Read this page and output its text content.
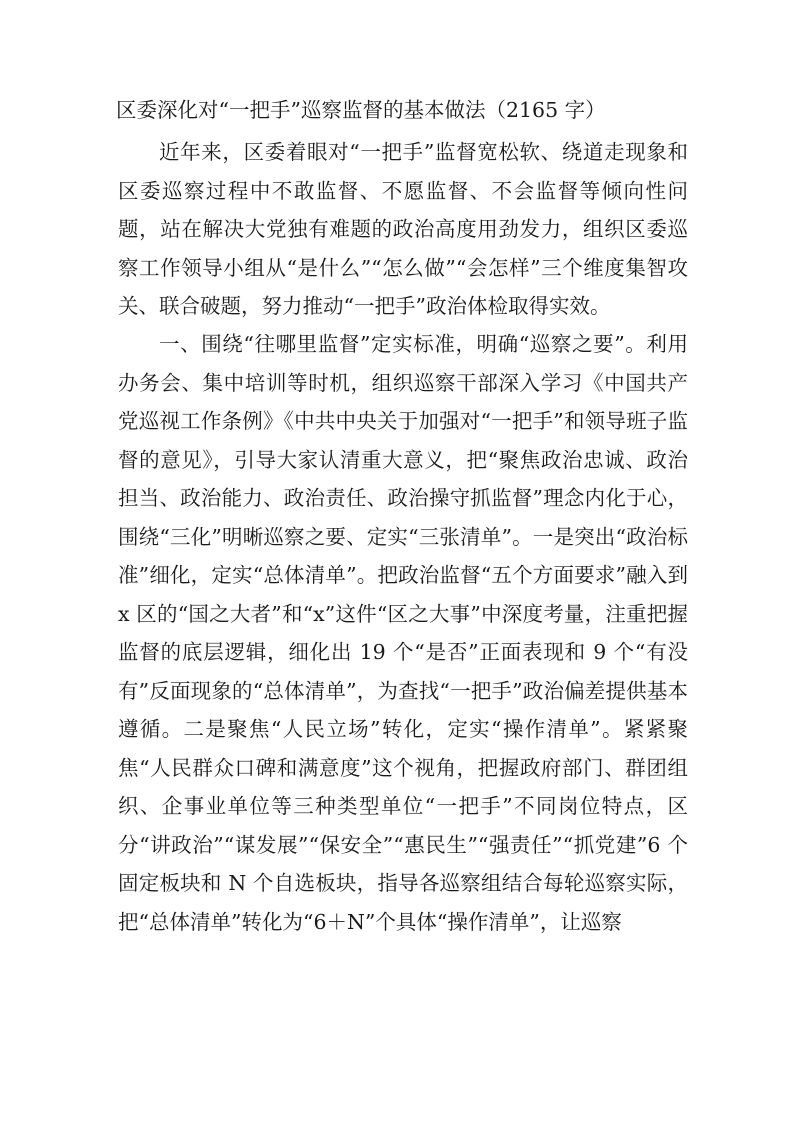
区委深化对“一把手”巡察监督的基本做法（2165 字）

近年来，区委着眼对“一把手”监督宽松软、绕道走现象和区委巡察过程中不敢监督、不愿监督、不会监督等倾向性问题，站在解决大党独有难题的政治高度用劲发力，组织区委巡察工作领导小组从“是什么”“怎么做”“会怎样”三个维度集智攻关、联合破题，努力推动“一把手”政治体检取得实效。

一、围绕“往哪里监督”定实标准，明确“巡察之要”。利用办务会、集中培训等时机，组织巡察干部深入学习《中国共产党巡视工作条例》《中共中央关于加强对“一把手”和领导班子监督的意见》，引导大家认清重大意义，把“聚焦政治忠诚、政治担当、政治能力、政治责任、政治操守抓监督”理念内化于心，围绕“三化”明晰巡察之要、定实“三张清单”。一是突出“政治标准”细化，定实“总体清单”。把政治监督“五个方面要求”融入到 x 区的“国之大者”和“x”这件“区之大事”中深度考量，注重把握监督的底层逻辑，细化出 19 个“是否”正面表现和 9 个“有没有”反面现象的“总体清单”，为查找“一把手”政治偏差提供基本遵循。二是聚焦“人民立场”转化，定实“操作清单”。紧紧聚焦“人民群众口碑和满意度”这个视角，把握政府部门、群团组织、企事业单位等三种类型单位“一把手”不同岗位特点，区分“讲政治”“谋发展”“保安全”“惠民生”“强责任”“抓党建”6 个固定板块和 N 个自选板块，指导各巡察组结合每轮巡察实际，把“总体清单”转化为“6＋N”个具体“操作清单”，让巡察
